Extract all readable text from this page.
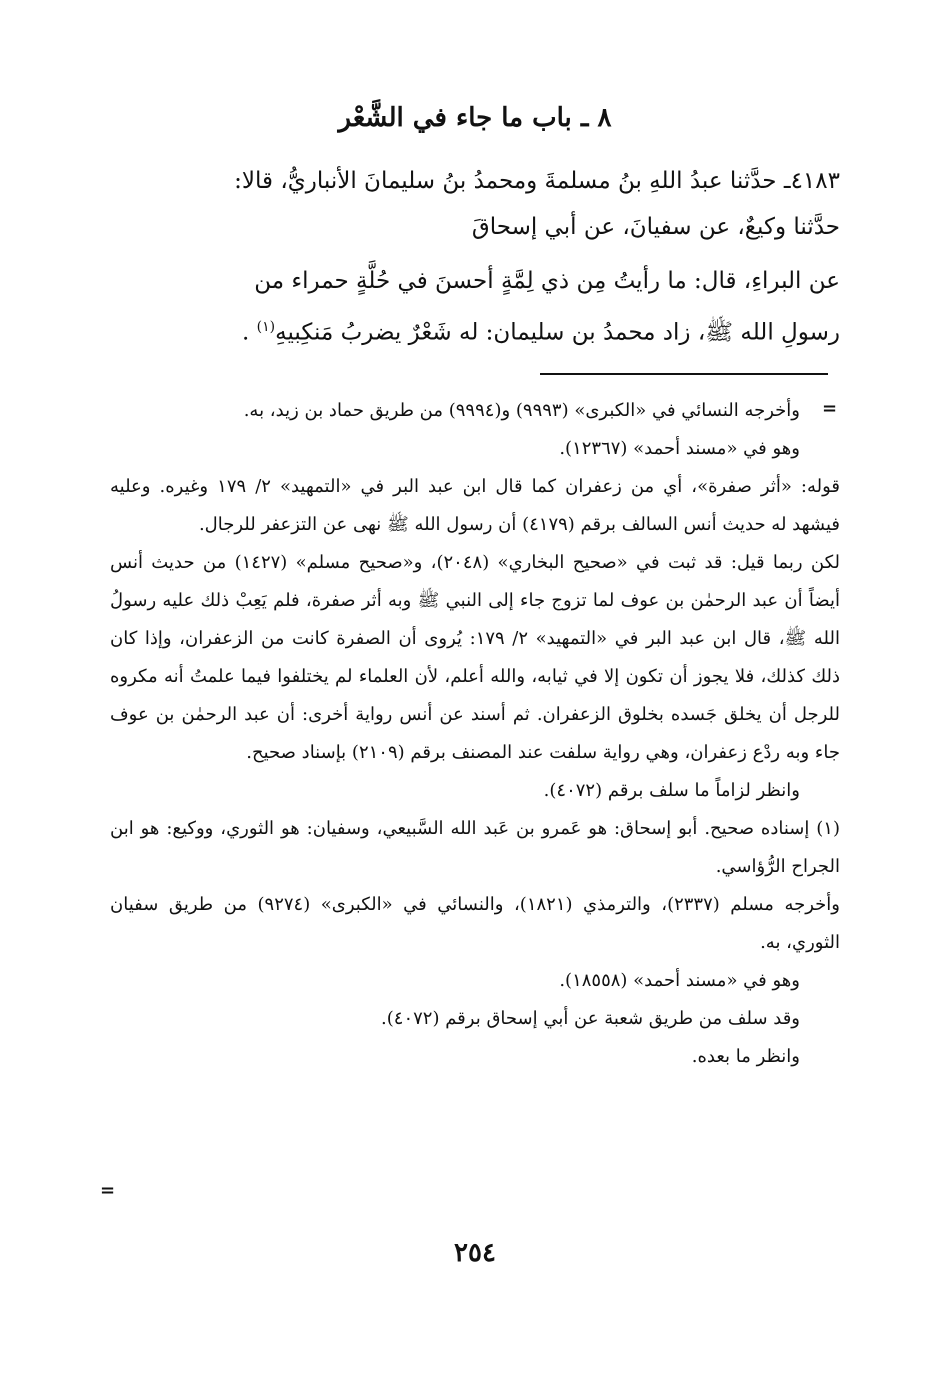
٨ ـ باب ما جاء في الشَّعْر

٤١٨٣ـ حدَّثنا عبدُ اللهِ بنُ مسلمةَ ومحمدُ بنُ سليمانَ الأنباريُّ، قالا:
حدَّثنا وكيعٌ، عن سفيانَ، عن أبي إسحاقَ

عن البراءِ، قال: ما رأيتُ مِن ذي لِمَّةٍ أحسنَ في حُلَّةٍ حمراء من
رسولِ الله ﷺ، زاد محمدُ بن سليمان: له شَعْرٌ يضربُ مَنكِبيهِ$^{(١)}$ .

=

وأخرجه النسائي في «الكبرى» (٩٩٩٣) و(٩٩٩٤) من طريق حماد بن زيد، به.

وهو في «مسند أحمد» (١٢٣٦٧).

قوله: «أثر صفرة»، أي من زعفران كما قال ابن عبد البر في «التمهيد» ٢/ ١٧٩ وغيره. وعليه فيشهد له حديث أنس السالف برقم (٤١٧٩) أن رسول الله ﷺ نهى عن التزعفر للرجال.

لكن ربما قيل: قد ثبت في «صحيح البخاري» (٢٠٤٨)، و«صحيح مسلم» (١٤٢٧) من حديث أنس أيضاً أن عبد الرحمٰن بن عوف لما تزوج جاء إلى النبي ﷺ وبه أثر صفرة، فلم يَعِبْ ذلك عليه رسولُ الله ﷺ، قال ابن عبد البر في «التمهيد» ٢/ ١٧٩: يُروى أن الصفرة كانت من الزعفران، وإذا كان ذلك كذلك، فلا يجوز أن تكون إلا في ثيابه، والله أعلم، لأن العلماء لم يختلفوا فيما علمتُ أنه مكروه للرجل أن يخلق جَسده بخلوق الزعفران. ثم أسند عن أنس رواية أخرى: أن عبد الرحمٰن بن عوف جاء وبه ردْع زعفران، وهي رواية سلفت عند المصنف برقم (٢١٠٩) بإسناد صحيح.

وانظر لزاماً ما سلف برقم (٤٠٧٢).

(١) إسناده صحيح. أبو إسحاق: هو عَمرو بن عَبد الله السَّبيعي، وسفيان: هو الثوري، ووكيع: هو ابن الجراح الرُّؤاسي.

وأخرجه مسلم (٢٣٣٧)، والترمذي (١٨٢١)، والنسائي في «الكبرى» (٩٢٧٤) من طريق سفيان الثوري، به.

وهو في «مسند أحمد» (١٨٥٥٨).

وقد سلف من طريق شعبة عن أبي إسحاق برقم (٤٠٧٢).

وانظر ما بعده.

=
٢٥٤
